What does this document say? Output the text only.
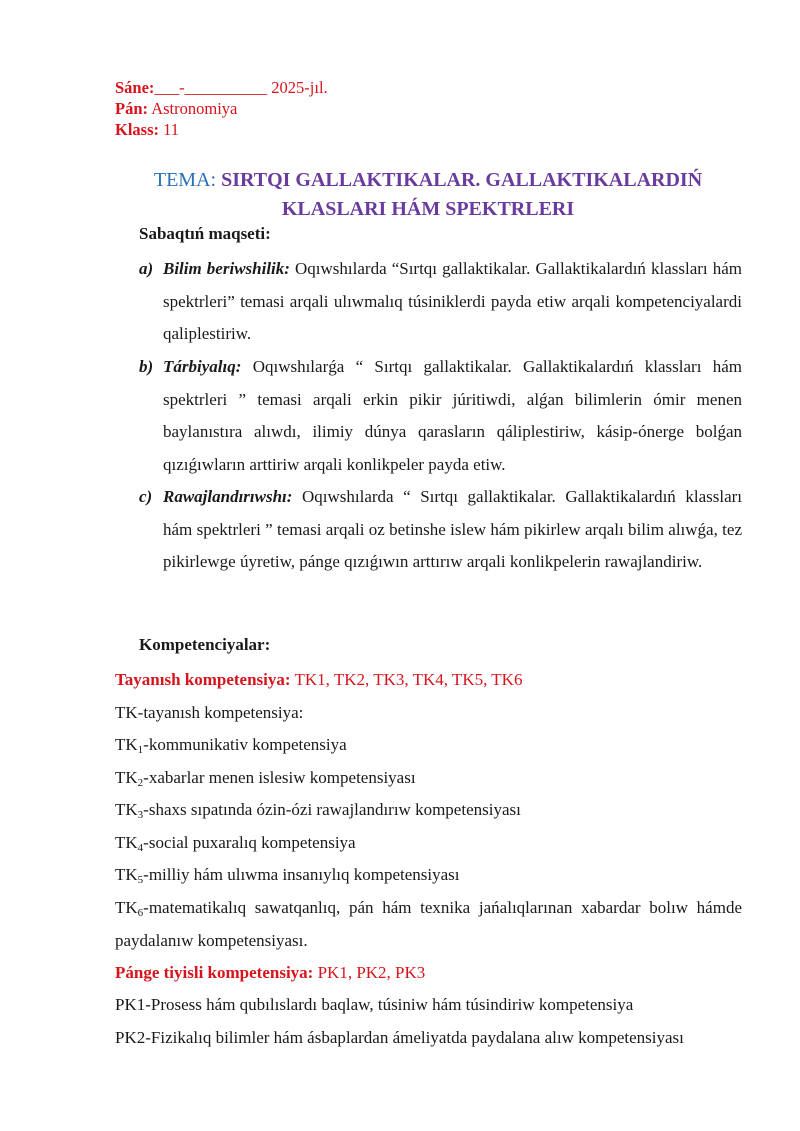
Sáne:___-__________ 2025-jıl.
Pán: Astronomiya
Klass: 11
TEMA: SIRTQI GALLAKTIKALAR. GALLAKTIKALARDIŃ
KLASLARI HÁM SPEKTRLERI
Sabaqtıń maqseti:
a) Bilim beriwshilik: Oqıwshılarda “Sırtqı gallaktikalar. Gallaktikalardıń klassları hám spektrleri” temasi arqali ulıwmalıq túsiniklerdi payda etiw arqali kompetenciyalardi qaliplestiriw.
b) Tárbiyalıq: Oqıwshılarǵa “ Sırtqı gallaktikalar. Gallaktikalardıń klassları hám spektrleri ” temasi arqali erkin pikir júritiwdi, alǵan bilimlerin ómir menen baylanıstıra alıwdı, ilimiy dúnya qarasların qáliplestiriw, kásip-ónerge bolǵan qızıǵıwların arttiriw arqali konlikpeler payda etiw.
c) Rawajlandırıwshı: Oqıwshılarda “ Sırtqı gallaktikalar. Gallaktikalardıń klassları hám spektrleri ” temasi arqali oz betinshe islew hám pikirlew arqalı bilim alıwǵa, tez pikirlewge úyretiw, pánge qızıǵıwın arttırıw arqali konlikpelerin rawajlandiriw.
Kompetenciyalar:
Tayanısh kompetensiya: TK1, TK2, TK3, TK4, TK5, TK6
TK-tayanısh kompetensiya:
$TK_1$-kommunikativ kompetensiya
$TK_2$-xabarlar menen islesiw kompetensiyası
$TK_3$-shaxs sıpatında ózin-ózi rawajlandırıw kompetensiyası
$TK_4$-social puxaralıq kompetensiya
$TK_5$-milliy hám ulıwma insanıylıq kompetensiyası
$TK_6$-matematikalıq sawatqanlıq, pán hám texnika jańalıqlarınan xabardar bolıw hámde paydalanıw kompetensiyası.
Pánge tiyisli kompetensiya: PK1, PK2, PK3
PK1-Prosess hám qubılıslardı baqlaw, túsiniw hám túsindiriw kompetensiya
PK2-Fizikalıq bilimler hám ásbaplardan ámeliyatda paydalana alıw kompetensiyası
